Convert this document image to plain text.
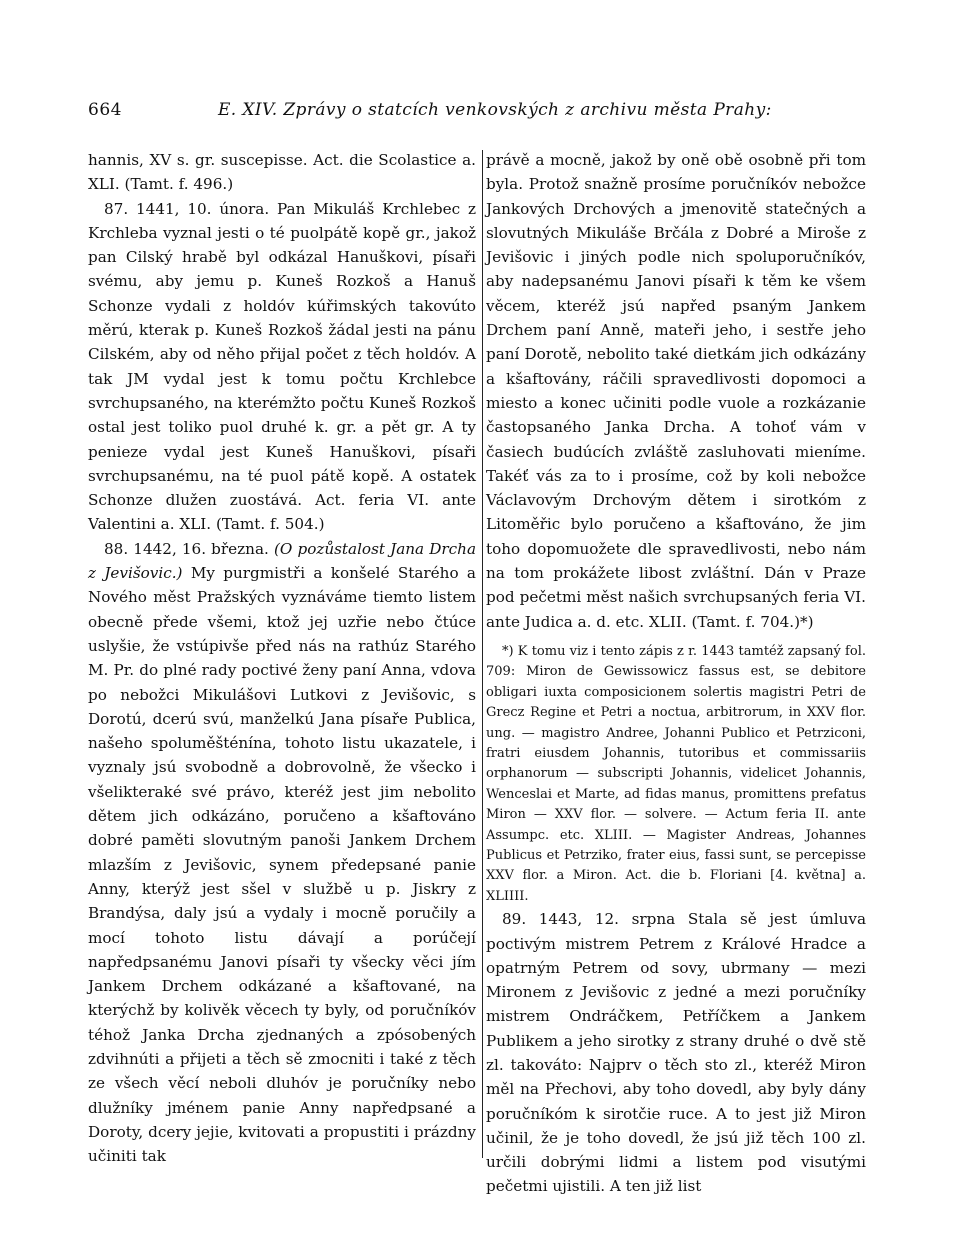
664	E. XIV. Zprávy o statcích venkovských z archivu města Prahy:

hannis, XV s. gr. suscepisse. Act. die Scolastice a. XLI. (Tamt. f. 496.)

87. 1441, 10. února. Pan Mikuláš Krchlebec z Krchleba vyznal jesti o té puolpátě kopě gr., jakož pan Cilský hrabě byl odkázal Hanuškovi, písaři svému, aby jemu p. Kuneš Rozkoš a Hanuš Schonze vydali z holdóv kúřimských takovúto měrú, kterak p. Kuneš Rozkoš žádal jesti na pánu Cilském, aby od něho přijal počet z těch holdóv. A tak JM vydal jest k tomu počtu Krchlebce svrchupsaného, na kterémžto počtu Kuneš Rozkoš ostal jest toliko puol druhé k. gr. a pět gr. A ty penieze vydal jest Kuneš Hanuškovi, písaři svrchupsanému, na té puol pátě kopě. A ostatek Schonze dlužen zuostává. Act. feria VI. ante Valentini a. XLI. (Tamt. f. 504.)

88. 1442, 16. března. (O pozůstalost Jana Drcha z Jevišovic.) My purgmistři a konšelé Starého a Nového měst Pražských vyznáváme tiemto listem obecně přede všemi, ktož jej uzřie nebo čtúce uslyšie, že vstúpivše před nás na rathúz Starého M. Pr. do plné rady poctivé ženy paní Anna, vdova po nebožci Mikulášovi Lutkovi z Jevišovic, s Dorotú, dcerú svú, manželkú Jana písaře Publica, našeho spoluměšténína, tohoto listu ukazatele, i vyznaly jsú svobodně a dobrovolně, že všecko i všelikteraké své právo, kteréž jest jim nebolito dětem jich odkázáno, poručeno a kšaftováno dobré paměti slovutným panoši Jankem Drchem mlazším z Jevišovic, synem předepsané panie Anny, kterýž jest sšel v službě u p. Jiskry z Brandýsa, daly jsú a vydaly i mocně poručily a mocí tohoto listu dávají a porúčejí napředpsanému Janovi písaři ty všecky věci jím Jankem Drchem odkázané a kšaftované, na kterýchž by kolivěk věcech ty byly, od poručníkóv téhož Janka Drcha zjednaných a zpósobených zdvihnúti a přijeti a těch sě zmocniti i také z těch ze všech věcí neboli dluhóv je poručníky nebo dlužníky jménem panie Anny napředpsané a Doroty, dcery jejie, kvitovati a propustiti i prázdny učiniti tak

právě a mocně, jakož by oně obě osobně při tom byla. Protož snažně prosíme poručníkóv nebožce Jankových Drchových a jmenovitě statečných a slovutných Mikuláše Brčála z Dobré a Miroše z Jevišovic i jiných podle nich spoluporučníkóv, aby nadepsanému Janovi písaři k těm ke všem věcem, kteréž jsú napřed psaným Jankem Drchem paní Anně, mateři jeho, i sestře jeho paní Dorotě, nebolito také dietkám jich odkázány a kšaftovány, ráčili spravedlivosti dopomoci a miesto a konec učiniti podle vuole a rozkázanie častopsaného Janka Drcha. A tohoť vám v časiech budúcích zvláště zasluhovati mieníme. Takéť vás za to i prosíme, což by koli nebožce Václavovým Drchovým dětem i sirotkóm z Litoměřic bylo poručeno a kšaftováno, že jim toho dopomuožete dle spravedlivosti, nebo nám na tom prokážete libost zvláštní. Dán v Praze pod pečetmi měst našich svrchupsaných feria VI. ante Judica a. d. etc. XLII. (Tamt. f. 704.)*)

*) K tomu viz i tento zápis z r. 1443 tamtéž zapsaný fol. 709: Miron de Gewissowicz fassus est, se debitore obligari iuxta composicionem solertis magistri Petri de Grecz Regine et Petri a noctua, arbitrorum, in XXV flor. ung. — magistro Andree, Johanni Publico et Petrziconi, fratri eiusdem Johannis, tutoribus et commissariis orphanorum — subscripti Johannis, videlicet Johannis, Wenceslai et Marte, ad fidas manus, promittens prefatus Miron — XXV flor. — solvere. — Actum feria II. ante Assumpc. etc. XLIII. — Magister Andreas, Johannes Publicus et Petrziko, frater eius, fassi sunt, se percepisse XXV flor. a Miron. Act. die b. Floriani [4. května] a. XLIIII.

89. 1443, 12. srpna Stala sě jest úmluva poctivým mistrem Petrem z Králové Hradce a opatrným Petrem od sovy, ubrmany — mezi Mironem z Jevišovic z jedné a mezi poručníky mistrem Ondráčkem, Petříčkem a Jankem Publikem a jeho sirotky z strany druhé o dvě stě zl. takováto: Najprv o těch sto zl., kteréž Miron měl na Přechovi, aby toho dovedl, aby byly dány poručníkóm k sirotčie ruce. A to jest již Miron učinil, že je toho dovedl, že jsú již těch 100 zl. určili dobrými lidmi a listem pod visutými pečetmi ujistili. A ten již list
